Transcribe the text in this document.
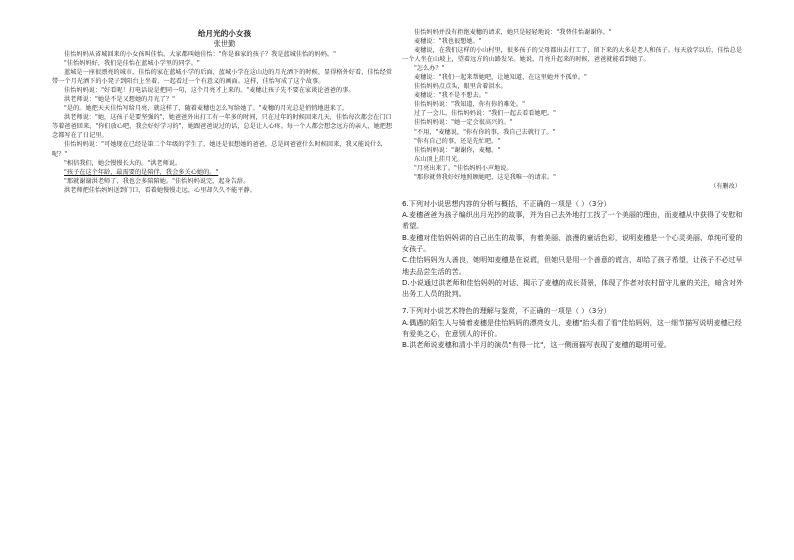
给月光的小女孩

张世勤

佳怡妈妈从省城回来的小女孩叫佳怡。大家都叫她佳怡："你是谁家的孩子？我是蓝城佳怡的妈妈。"

"佳怡妈妈好，我们是佳怡在蓝城小学里的同学。"

蓝城是一座很漂亮的城市，佳怡的家在蓝城小学的后面，蓝城小学在这山边的月光洒下的时候，显得格外好看，佳怡经常带一个月光洒下的小凳子到阳台上坐着，一起看过一个有意义的画面。这样，佳怡写成了这个故事。

佳怡妈妈说："好看呢！打电话说是把同一句，这个月亮才上来的。"麦穗让孩子先不要在家谈论爸爸的事。

洪老师说："她是不是又想她的月光了？"

"是的。她把天天佳怡写给月亮，就这样了，随着麦穗也怎么写给她了。"麦穗的月光总是悄悄地进来了。

洪老师说："她，这孩子是要坚强的"，她爸爸外出打工有一年多的时间，只在过年的时候回来几天，佳怡每次都会在门口等着爸爸回来，"你们放心吧，我会好好学习的"，她跟爸爸说过的话，总是让人心疼。每一个人都会想念远方的亲人，她把想念都写在了日记里。

佳怡妈妈说："可她现在已经是第二个年级的学生了，她还是很想她的爸爸，总是问爸爸什么时候回来，我又能说什么呢？"

"相信我们，她会慢慢长大的。"洪老师说。

"孩子在这个年龄，最需要的是陪伴，我会多关心她的。"

"那就谢谢洪老师了，我也会多陪陪她。"佳怡妈妈说完，起身告辞。

洪老师把佳怡妈妈送到门口，看着她慢慢走远，心里却久久不能平静。

佳怡妈妈并没有拒绝麦穗的请求，她只是轻轻地说："我替佳怡谢谢你。"

麦穗说："我也很想她。"

麦穗说，在我们这样的小山村里，很多孩子的父母都出去打工了，留下来的大多是老人和孩子。每天放学以后，佳怡总是一个人坐在山坡上，望着远方的山路发呆。她说，月亮升起来的时候，爸爸就能看到她了。

"怎么办？"

麦穗说："我们一起来帮她吧，让她知道，在这里她并不孤单。"

佳怡妈妈点点头，眼里含着泪水。

麦穗说："我不是不想去。"

佳怡妈妈说："我知道，你有你的难处。"

过了一会儿，佳怡妈妈说："我们一起去看看她吧。"

佳怡妈妈说："她一定会很高兴的。"

"不用，"麦穗说，"你有你的事，我自己去就行了。"

"你有自己的事，还是先忙吧。"

佳怡妈妈说："谢谢你，麦穗。"

东山顶上挂月光。

"月亮出来了。"佳怡妈妈小声地说。

"那你就替我好好地照顾她吧，这是我唯一的请求。"

（有删改）

6.下列对小说思想内容的分析与概括，不正确的一项是（ ）（3分）

A.麦穗爸爸为孩子编织出月光抄的故事，并为自己去外地打工找了一个美丽的理由，而麦穗从中获得了安慰和希望。

B.麦穗对佳怡妈妈讲的自己出生的故事，有着美丽、浪漫的童话色彩，说明麦穗是一个心灵美丽、单纯可爱的女孩子。

C.佳怡妈妈为人善良，她明知麦穗是在说谎，但她只是用一个善意的谎言，却给了孩子希望，让孩子不必过早地去品尝生活的苦。

D.小说通过洪老师和佳怡妈妈的对话，揭示了麦穗的成长背景，体现了作者对农村留守儿童的关注，暗含对外出务工人员的批判。

7.下列对小说艺术特色的理解与鉴赏，不正确的一项是（ ）（3分）

A.偶遇的陌生人与骑着麦穗是佳怡妈妈的漂亮女儿，麦穗"抬头看了看"佳怡妈妈，这一细节描写说明麦穗已经有爱美之心，在意别人的评价。

B.洪老师说麦穗和清小半月的演员"有得一比"，这一侧面描写表现了麦穗的聪明可爱。
